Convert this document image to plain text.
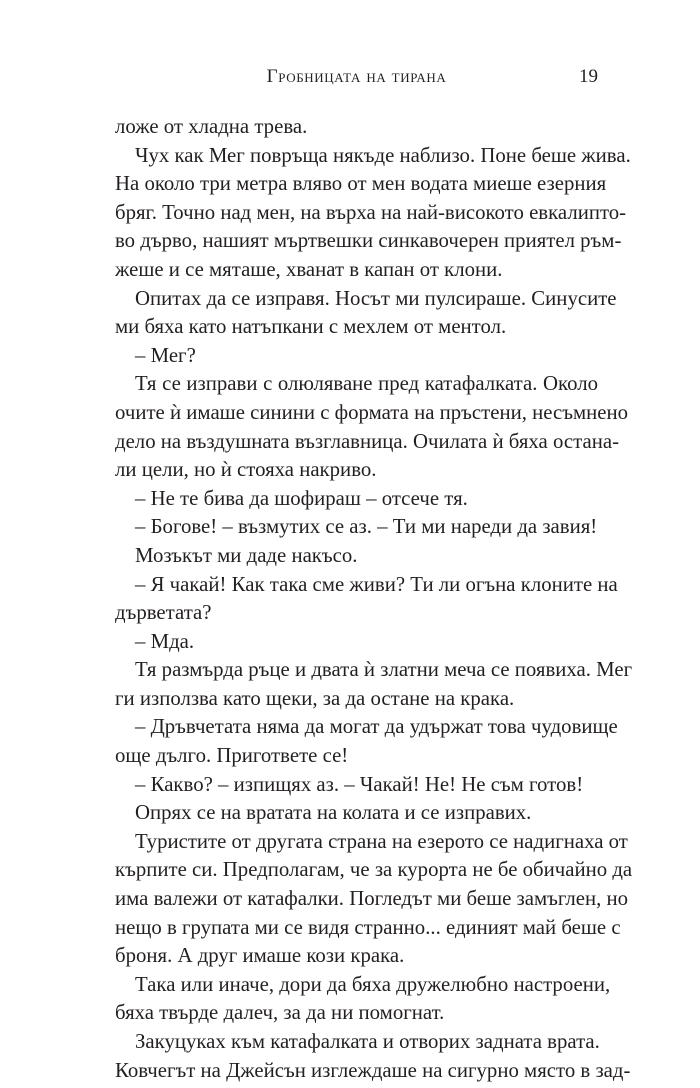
Гробницата на тирана	19
ложе от хладна трева.
Чух как Мег повръща някъде наблизо. Поне беше жива.
На около три метра вляво от мен водата миеше езерния
бряг. Точно над мен, на върха на най-високото евкалипто-
во дърво, нашият мъртвешки синкавочерен приятел ръм-
жеше и се мяташе, хванат в капан от клони.
Опитах да се изправя. Носът ми пулсираше. Синусите
ми бяха като натъпкани с мехлем от ментол.
– Мег?
Тя се изправи с олюляване пред катафалката. Около
очите ѝ имаше синини с формата на пръстени, несъмнено
дело на въздушната възглавница. Очилата ѝ бяха остана-
ли цели, но ѝ стояха накриво.
– Не те бива да шофираш – отсече тя.
– Богове! – възмутих се аз. – Ти ми нареди да завия!
Мозъкът ми даде накъсо.
– Я чакай! Как така сме живи? Ти ли огъна клоните на
дърветата?
– Мда.
Тя размърда ръце и двата ѝ златни меча се появиха. Мег
ги използва като щеки, за да остане на крака.
– Дръвчетата няма да могат да удържат това чудовище
още дълго. Пригответе се!
– Какво? – изпищях аз. – Чакай! Не! Не съм готов!
Опрях се на вратата на колата и се изправих.
Туристите от другата страна на езерото се надигнаха от
кърпите си. Предполагам, че за курорта не бе обичайно да
има валежи от катафалки. Погледът ми беше замъглен, но
нещо в групата ми се видя странно... единият май беше с
броня. А друг имаше кози крака.
Така или иначе, дори да бяха дружелюбно настроени,
бяха твърде далеч, за да ни помогнат.
Закуцуках към катафалката и отворих задната врата.
Ковчегът на Джейсън изглеждаше на сигурно място в зад-
